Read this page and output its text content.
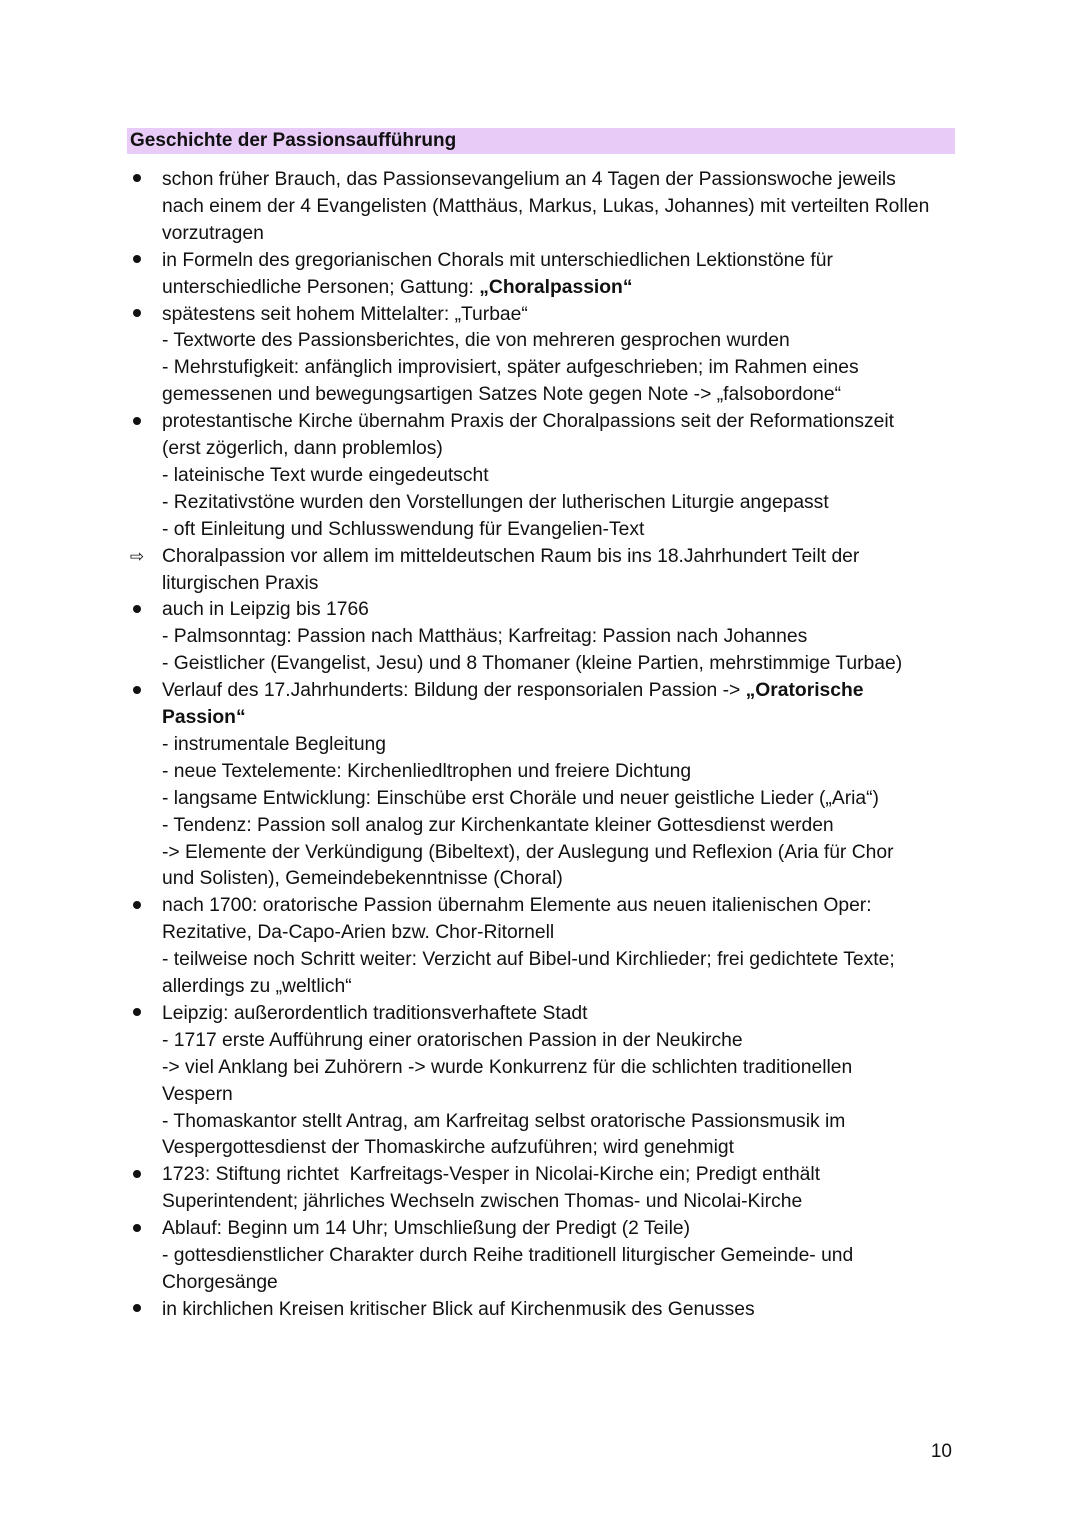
Geschichte der Passionsaufführung
schon früher Brauch, das Passionsevangelium an 4 Tagen der Passionswoche jeweils
nach einem der 4 Evangelisten (Matthäus, Markus, Lukas, Johannes) mit verteilten Rollen
vorzutragen
in Formeln des gregorianischen Chorals mit unterschiedlichen Lektionstöne für
unterschiedliche Personen; Gattung: „Choralpassion“
spätestens seit hohem Mittelalter: „Turbae“
- Textworte des Passionsberichtes, die von mehreren gesprochen wurden
- Mehrstufigkeit: anfänglich improvisiert, später aufgeschrieben; im Rahmen eines
gemessenen und bewegungsartigen Satzes Note gegen Note -> „falsobordone“
protestantische Kirche übernahm Praxis der Choralpassions seit der Reformationszeit
(erst zögerlich, dann problemlos)
- lateinische Text wurde eingedeutscht
- Rezitativstöne wurden den Vorstellungen der lutherischen Liturgie angepasst
- oft Einleitung und Schlusswendung für Evangelien-Text
⇨ Choralpassion vor allem im mitteldeutschen Raum bis ins 18.Jahrhundert Teilt der
liturgischen Praxis
auch in Leipzig bis 1766
- Palmsonntag: Passion nach Matthäus; Karfreitag: Passion nach Johannes
- Geistlicher (Evangelist, Jesu) und 8 Thomaner (kleine Partien, mehrstimmige Turbae)
Verlauf des 17.Jahrhunderts: Bildung der responsorialen Passion -> „Oratorische
Passion“
- instrumentale Begleitung
- neue Textelemente: Kirchenliedltrophen und freiere Dichtung
- langsame Entwicklung: Einschübe erst Choräle und neuer geistliche Lieder („Aria“)
- Tendenz: Passion soll analog zur Kirchenkantate kleiner Gottesdienst werden
-> Elemente der Verkündigung (Bibeltext), der Auslegung und Reflexion (Aria für Chor
und Solisten), Gemeindebekenntnisse (Choral)
nach 1700: oratorische Passion übernahm Elemente aus neuen italienischen Oper:
Rezitative, Da-Capo-Arien bzw. Chor-Ritornell
- teilweise noch Schritt weiter: Verzicht auf Bibel-und Kirchlieder; frei gedichtete Texte;
allerdings zu „weltlich“
Leipzig: außerordentlich traditionsverhaftete Stadt
- 1717 erste Aufführung einer oratorischen Passion in der Neukirche
-> viel Anklang bei Zuhörern -> wurde Konkurrenz für die schlichten traditionellen
Vespern
- Thomaskantor stellt Antrag, am Karfreitag selbst oratorische Passionsmusik im
Vespergottesdienst der Thomaskirche aufzuführen; wird genehmigt
1723: Stiftung richtet  Karfreitags-Vesper in Nicolai-Kirche ein; Predigt enthält
Superintendent; jährliches Wechseln zwischen Thomas- und Nicolai-Kirche
Ablauf: Beginn um 14 Uhr; Umschließung der Predigt (2 Teile)
- gottesdienstlicher Charakter durch Reihe traditionell liturgischer Gemeinde- und
Chorgesänge
in kirchlichen Kreisen kritischer Blick auf Kirchenmusik des Genusses
10
